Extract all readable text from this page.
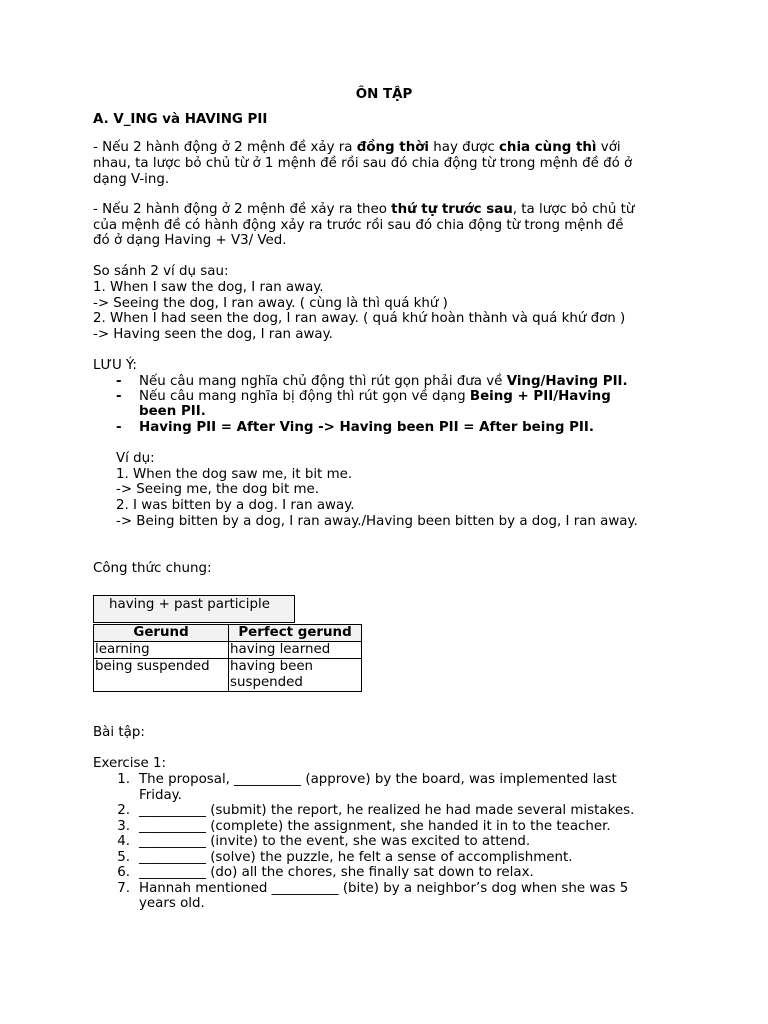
ÔN TẬP
A. V_ING và HAVING PII
- Nếu 2 hành động ở 2 mệnh đề xảy ra đồng thời hay được chia cùng thì với
nhau, ta lược bỏ chủ từ ở 1 mệnh đề rồi sau đó chia động từ trong mệnh đề đó ở
dạng V-ing.
- Nếu 2 hành động ở 2 mệnh đề xảy ra theo thứ tự trước sau, ta lược bỏ chủ từ
của mệnh đề có hành động xảy ra trước rồi sau đó chia động từ trong mệnh đề
đó ở dạng Having + V3/ Ved.
So sánh 2 ví dụ sau:
1. When I saw the dog, I ran away.
-> Seeing the dog, I ran away. ( cùng là thì quá khứ )
2. When I had seen the dog, I ran away. ( quá khứ hoàn thành và quá khứ đơn )
-> Having seen the dog, I ran away.
LƯU Ý:
- Nếu câu mang nghĩa chủ động thì rút gọn phải đưa về Ving/Having PII.
- Nếu câu mang nghĩa bị động thì rút gọn về dạng Being + PII/Having
been PII.
- Having PII = After Ving -> Having been PII = After being PII.
Ví dụ:
1. When the dog saw me, it bit me.
-> Seeing me, the dog bit me.
2. I was bitten by a dog. I ran away.
-> Being bitten by a dog, I ran away./Having been bitten by a dog, I ran away.
Công thức chung:
having + past participle
Gerund	Perfect gerund
learning	having learned
being suspended	having been suspended
Bài tập:
Exercise 1:
1. The proposal, __________ (approve) by the board, was implemented last
Friday.
2. __________ (submit) the report, he realized he had made several mistakes.
3. __________ (complete) the assignment, she handed it in to the teacher.
4. __________ (invite) to the event, she was excited to attend.
5. __________ (solve) the puzzle, he felt a sense of accomplishment.
6. __________ (do) all the chores, she finally sat down to relax.
7. Hannah mentioned __________ (bite) by a neighbor’s dog when she was 5
years old.
